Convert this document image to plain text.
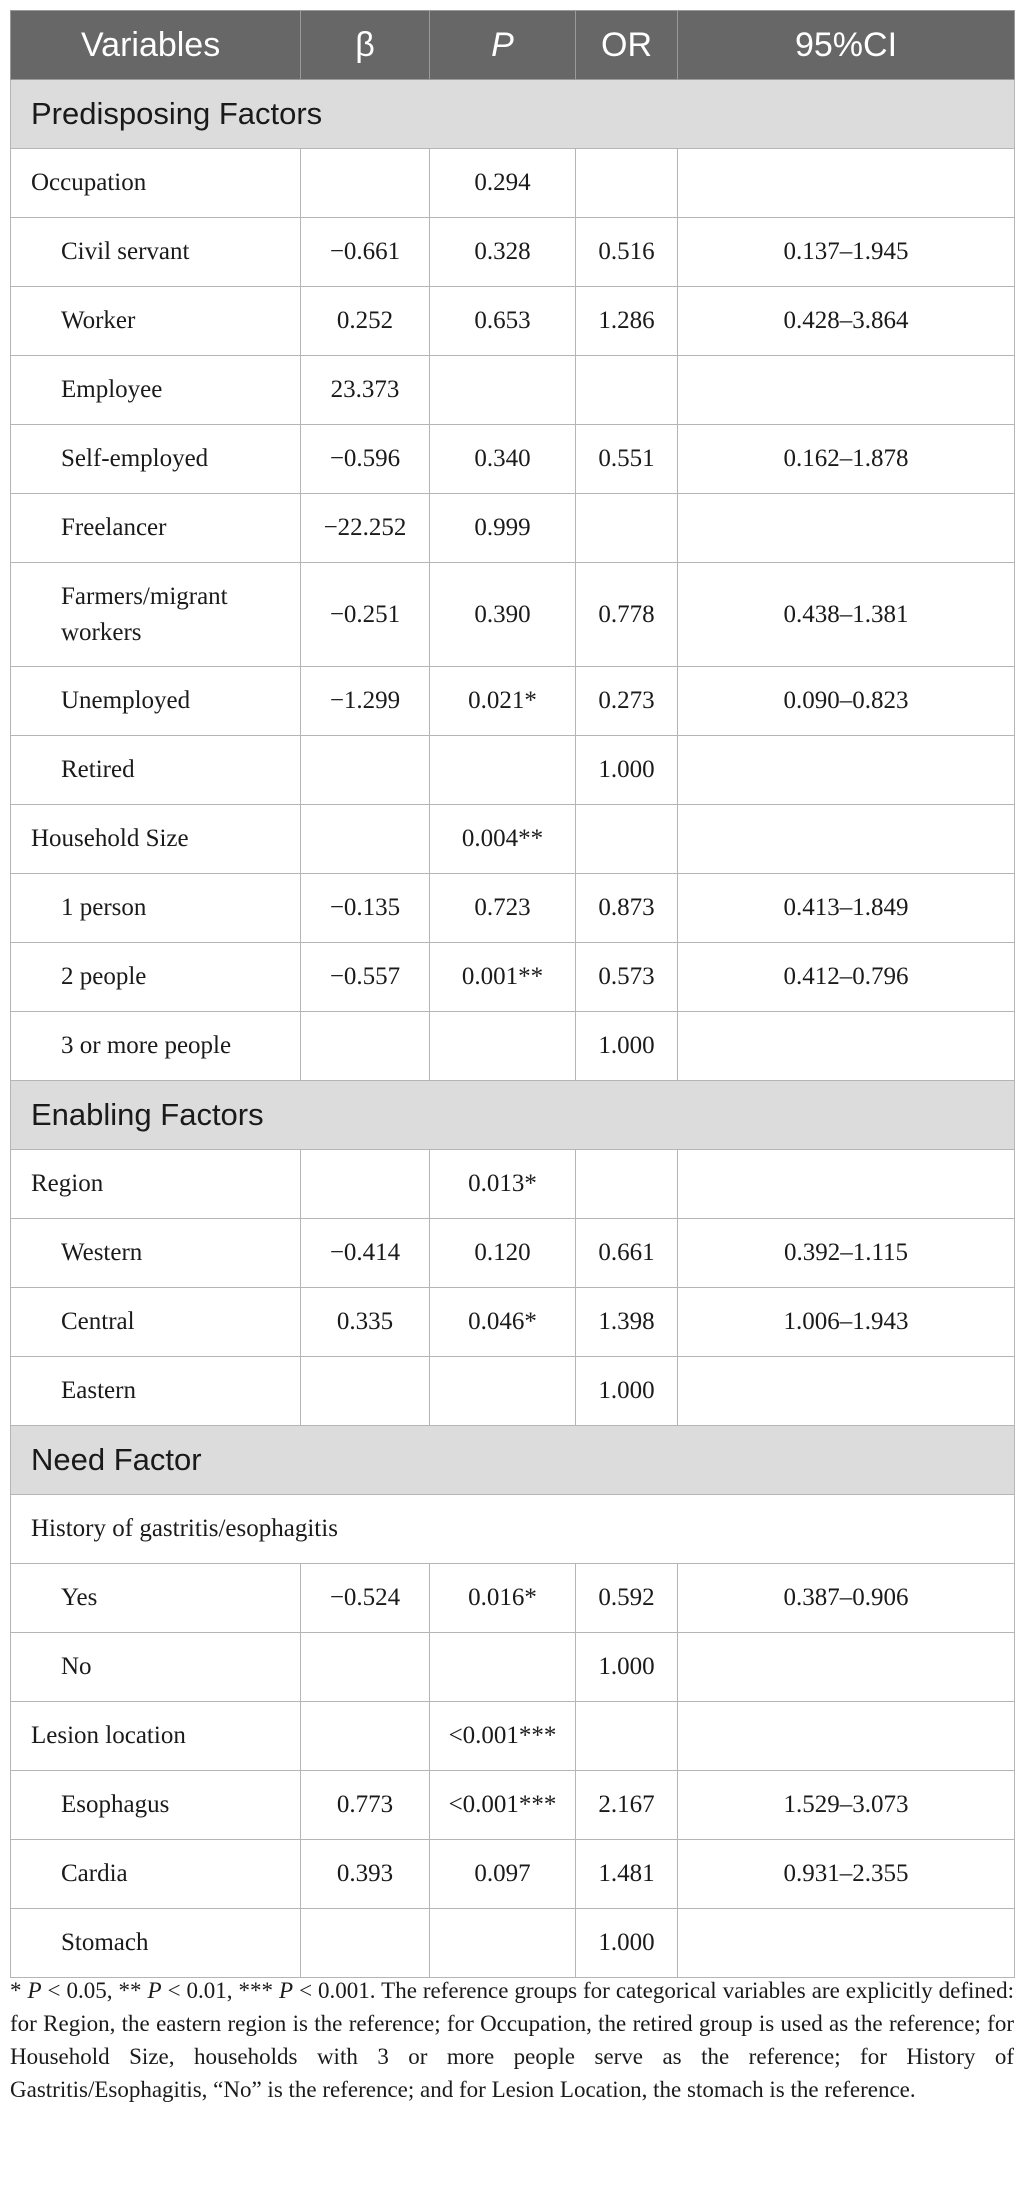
Variables	β	P	OR	95%CI
Predisposing Factors				
Occupation		0.294		
Civil servant	−0.661	0.328	0.516	0.137–1.945
Worker	0.252	0.653	1.286	0.428–3.864
Employee	23.373			
Self-employed	−0.596	0.340	0.551	0.162–1.878
Freelancer	−22.252	0.999		
Farmers/migrant workers	−0.251	0.390	0.778	0.438–1.381
Unemployed	−1.299	0.021*	0.273	0.090–0.823
Retired			1.000	
Household Size		0.004**		
1 person	−0.135	0.723	0.873	0.413–1.849
2 people	−0.557	0.001**	0.573	0.412–0.796
3 or more people			1.000	
Enabling Factors				
Region		0.013*		
Western	−0.414	0.120	0.661	0.392–1.115
Central	0.335	0.046*	1.398	1.006–1.943
Eastern			1.000	
Need Factor				
History of gastritis/esophagitis				
Yes	−0.524	0.016*	0.592	0.387–0.906
No			1.000	
Lesion location		<0.001***		
Esophagus	0.773	<0.001***	2.167	1.529–3.073
Cardia	0.393	0.097	1.481	0.931–2.355
Stomach			1.000	
* P < 0.05, ** P < 0.01, *** P < 0.001. The reference groups for categorical variables are explicitly defined: for Region, the eastern region is the reference; for Occupation, the retired group is used as the reference; for Household Size, households with 3 or more people serve as the reference; for History of Gastritis/Esophagitis, “No” is the reference; and for Lesion Location, the stomach is the reference.
